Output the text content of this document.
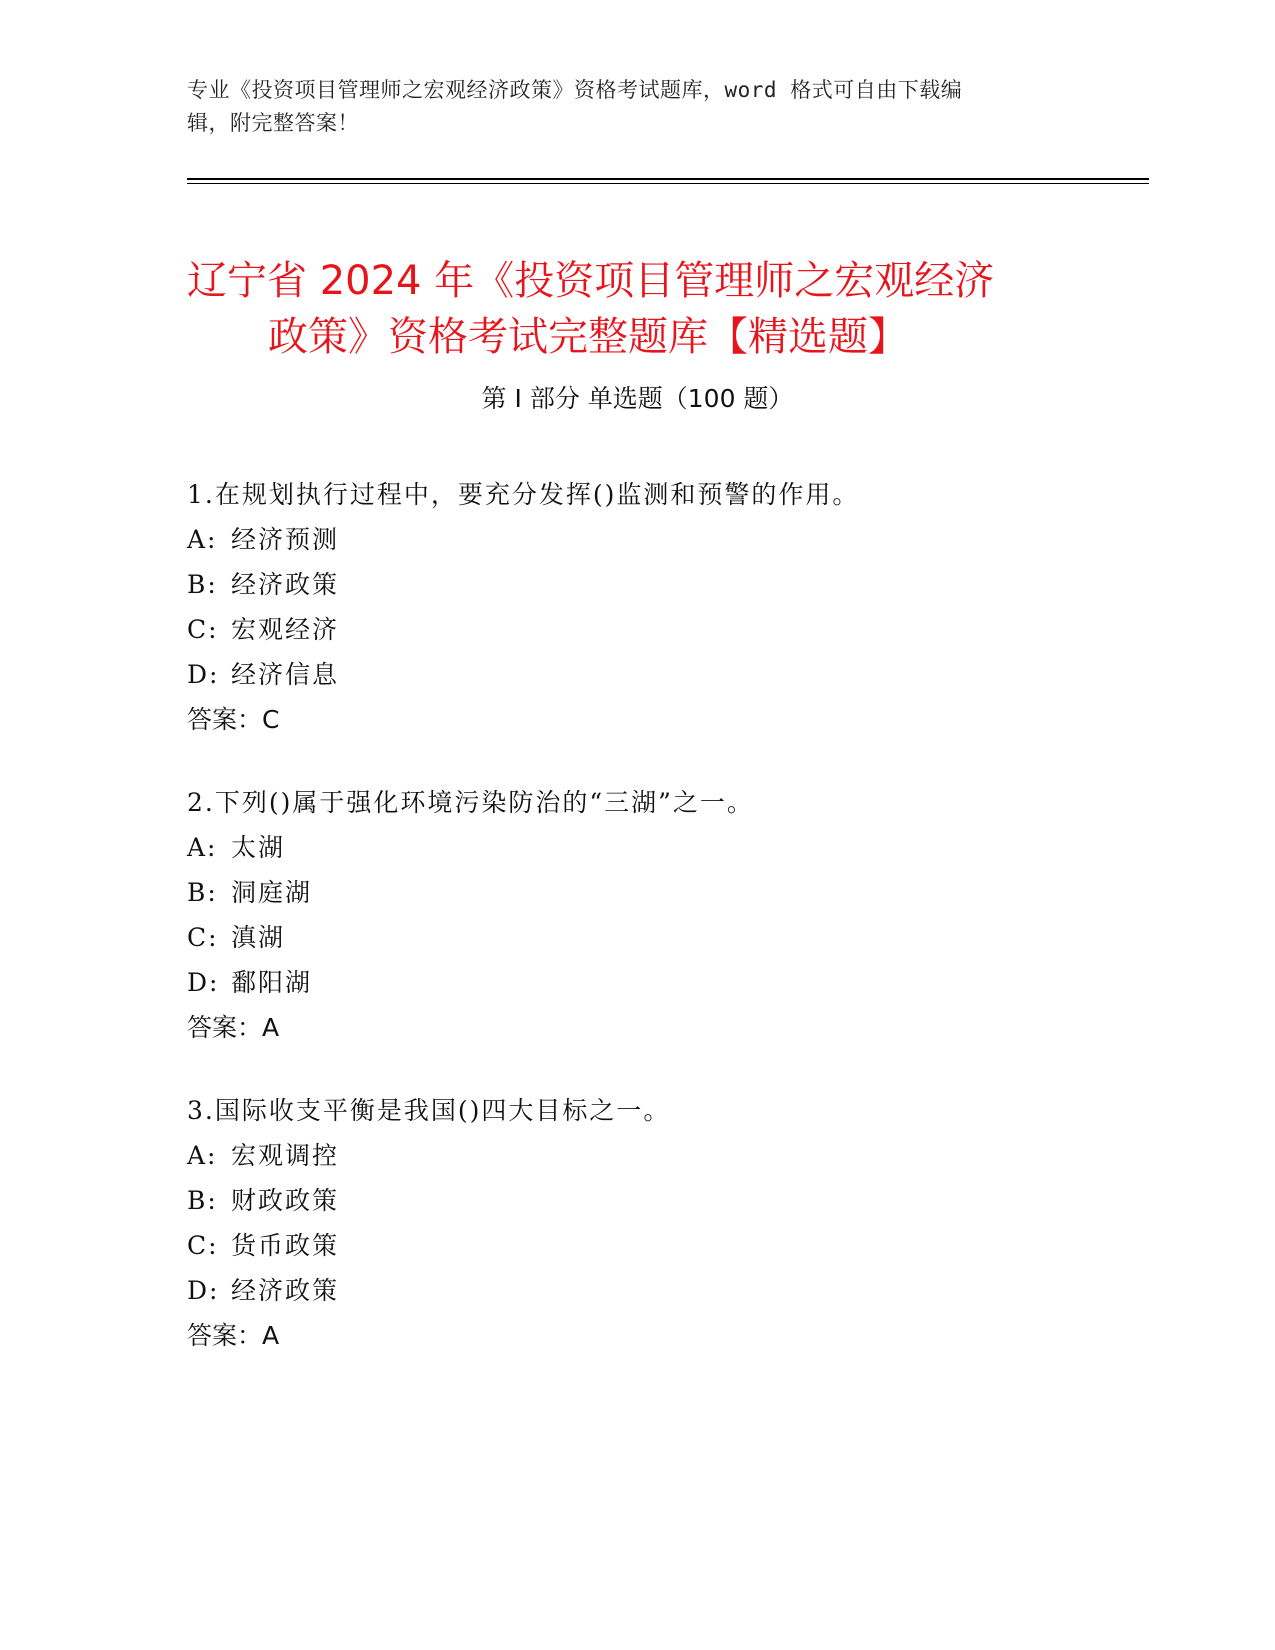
专业《投资项目管理师之宏观经济政策》资格考试题库，word 格式可自由下载编
辑，附完整答案！
辽宁省 2024 年《投资项目管理师之宏观经济
政策》资格考试完整题库【精选题】
第 I 部分 单选题（100 题）
1.在规划执行过程中，要充分发挥()监测和预警的作用。
A: 经济预测
B: 经济政策
C: 宏观经济
D: 经济信息
答案：C
2.下列()属于强化环境污染防治的“三湖”之一。
A: 太湖
B: 洞庭湖
C: 滇湖
D: 鄱阳湖
答案：A
3.国际收支平衡是我国()四大目标之一。
A: 宏观调控
B: 财政政策
C: 货币政策
D: 经济政策
答案：A
